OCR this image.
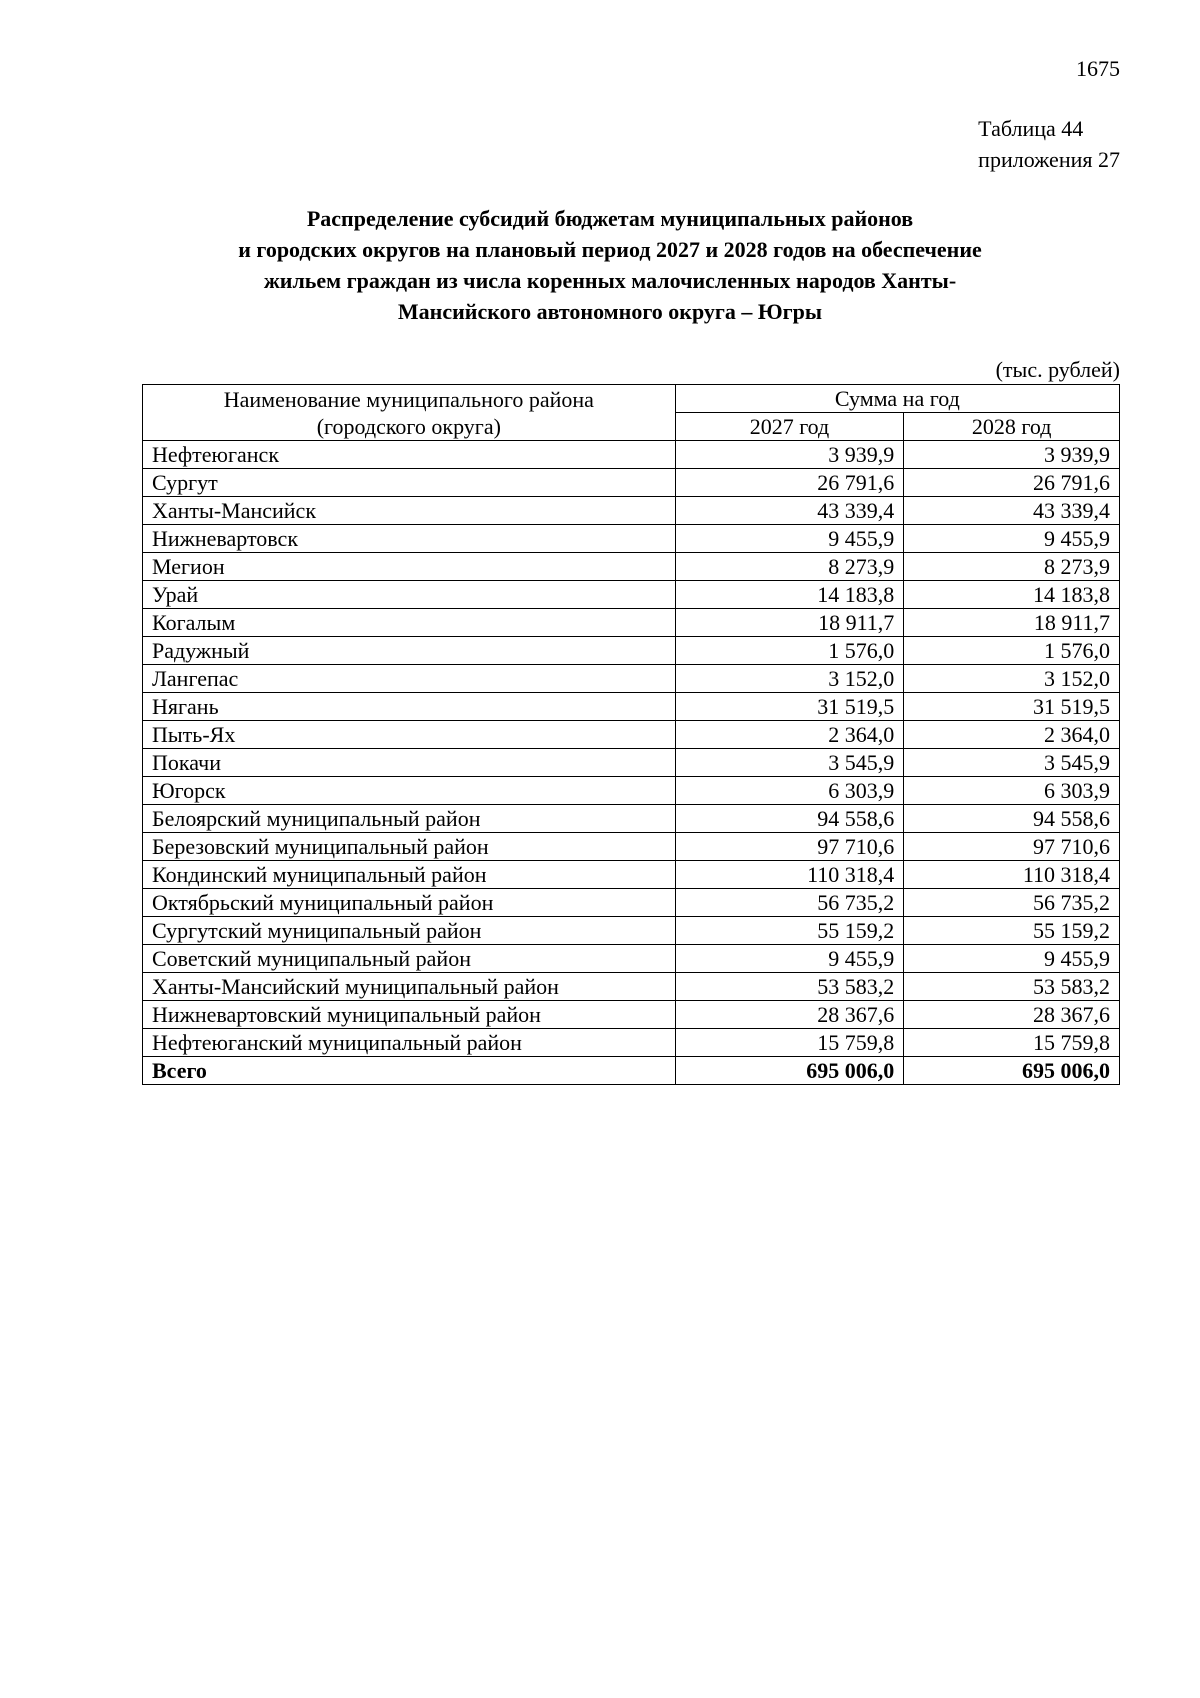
1675
Таблица 44
приложения 27
Распределение субсидий бюджетам муниципальных районов
и городских округов на плановый период 2027 и 2028 годов на обеспечение
жильем граждан из числа коренных малочисленных народов Ханты-
Мансийского автономного округа – Югры
(тыс. рублей)
Наименование муниципального района
(городского округа)	Сумма на год	
	2027 год	2028 год
Нефтеюганск	3 939,9	3 939,9
Сургут	26 791,6	26 791,6
Ханты-Мансийск	43 339,4	43 339,4
Нижневартовск	9 455,9	9 455,9
Мегион	8 273,9	8 273,9
Урай	14 183,8	14 183,8
Когалым	18 911,7	18 911,7
Радужный	1 576,0	1 576,0
Лангепас	3 152,0	3 152,0
Нягань	31 519,5	31 519,5
Пыть-Ях	2 364,0	2 364,0
Покачи	3 545,9	3 545,9
Югорск	6 303,9	6 303,9
Белоярский муниципальный район	94 558,6	94 558,6
Березовский муниципальный район	97 710,6	97 710,6
Кондинский муниципальный район	110 318,4	110 318,4
Октябрьский муниципальный район	56 735,2	56 735,2
Сургутский муниципальный район	55 159,2	55 159,2
Советский муниципальный район	9 455,9	9 455,9
Ханты-Мансийский муниципальный район	53 583,2	53 583,2
Нижневартовский муниципальный район	28 367,6	28 367,6
Нефтеюганский муниципальный район	15 759,8	15 759,8
Всего	695 006,0	695 006,0
